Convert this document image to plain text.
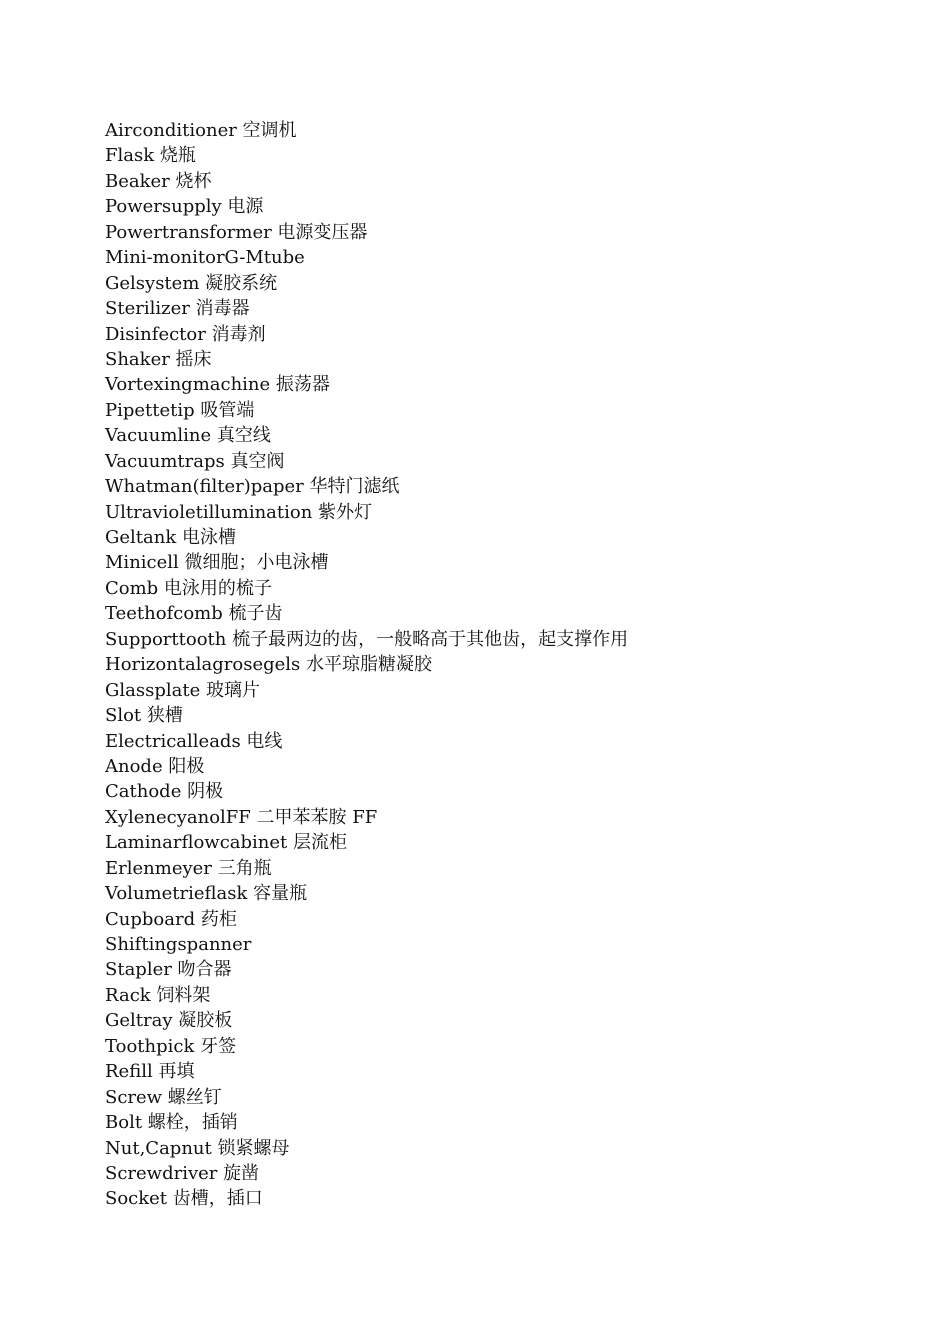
Airconditioner 空调机
Flask 烧瓶
Beaker 烧杯
Powersupply 电源
Powertransformer 电源变压器
Mini-monitorG-Mtube
Gelsystem 凝胶系统
Sterilizer 消毒器
Disinfector 消毒剂
Shaker 摇床
Vortexingmachine 振荡器
Pipettetip 吸管端
Vacuumline 真空线
Vacuumtraps 真空阀
Whatman(filter)paper 华特门滤纸
Ultravioletillumination 紫外灯
Geltank 电泳槽
Minicell 微细胞；小电泳槽
Comb 电泳用的梳子
Teethofcomb 梳子齿
Supporttooth 梳子最两边的齿，一般略高于其他齿，起支撑作用
Horizontalagrosegels 水平琼脂糖凝胶
Glassplate 玻璃片
Slot 狭槽
Electricalleads 电线
Anode 阳极
Cathode 阴极
XylenecyanolFF 二甲苯苯胺 FF
Laminarflowcabinet 层流柜
Erlenmeyer 三角瓶
Volumetrieflask 容量瓶
Cupboard 药柜
Shiftingspanner
Stapler 吻合器
Rack 饲料架
Geltray 凝胶板
Toothpick 牙签
Refill 再填
Screw 螺丝钉
Bolt 螺栓，插销
Nut,Capnut 锁紧螺母
Screwdriver 旋凿
Socket 齿槽，插口
